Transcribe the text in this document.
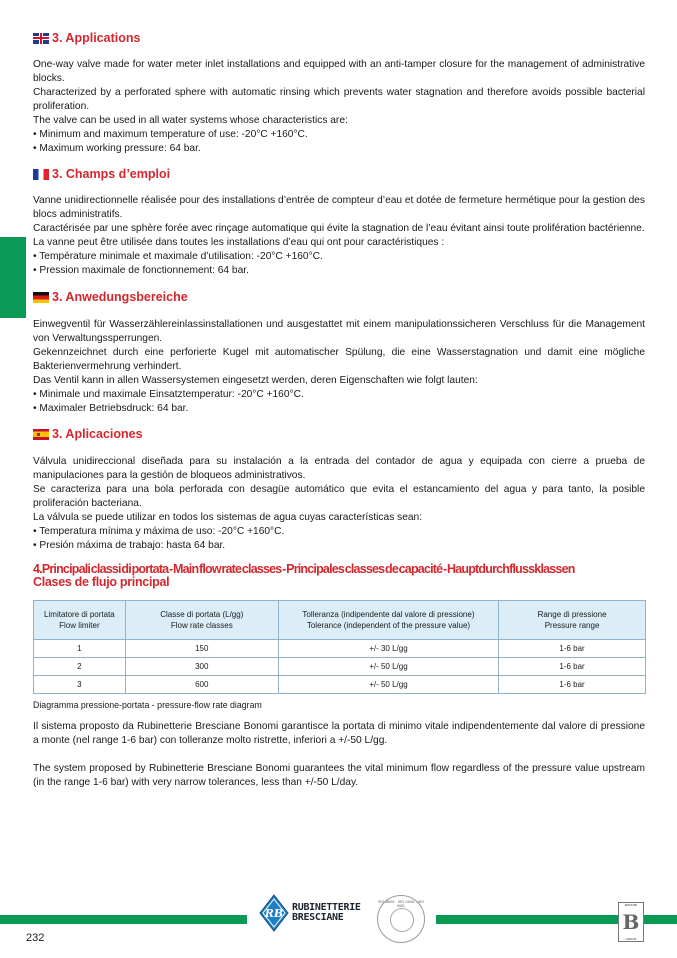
3. Applications

One-way valve made for water meter inlet installations and equipped with an anti-tamper closure for the management of administrative blocks.

Characterized by a perforated sphere with automatic rinsing which prevents water stagnation and therefore avoids possible bacterial proliferation.

The valve can be used in all water systems whose characteristics are:

• Minimum and maximum temperature of use: -20°C +160°C.

• Maximum working pressure: 64 bar.

3. Champs d’emploi

Vanne unidirectionnelle réalisée pour des installations d’entrée de compteur d’eau et dotée de fermeture hermétique pour la gestion des blocs administratifs.

Caractérisée par une sphère forée avec rinçage automatique qui évite la stagnation de l’eau évitant ainsi toute prolifération bactérienne.

La vanne peut être utilisée dans toutes les installations d’eau qui ont pour caractéristiques :

• Température minimale et maximale d’utilisation: -20°C +160°C.

• Pression maximale de fonctionnement: 64 bar.

3. Anwedungsbereiche

Einwegventil für Wasserzählereinlassinstallationen und ausgestattet mit einem manipulationssicheren Verschluss für die Management von Verwaltungssperrungen.

Gekennzeichnet durch eine perforierte Kugel mit automatischer Spülung, die eine Wasserstagnation und damit eine mögliche Bakterienvermehrung verhindert.

Das Ventil kann in allen Wassersystemen eingesetzt werden, deren Eigenschaften wie folgt lauten:

• Minimale und maximale Einsatztemperatur: -20°C +160°C.

• Maximaler Betriebsdruck: 64 bar.

3. Aplicaciones

Válvula unidireccional diseñada para su instalación a la entrada del contador de agua y equipada con cierre a prueba de manipulaciones para la gestión de bloqueos administrativos.

Se caracteriza para una bola perforada con desagüe automático que evita el estancamiento del agua y para tanto, la posible proliferación bacteriana.

La válvula se puede utilizar en todos los sistemas de agua cuyas características sean:

• Temperatura mínima y máxima de uso: -20°C +160°C.

• Presión máxima de trabajo: hasta 64 bar.

4.Principali classi di portata - Main flow rate classes - Principales classes de capacité - Hauptdurchflussklassen
Clases de flujo principal
Limitatore di portata
Flow limiter	Classe di portata (L/gg)
Flow rate classes	Tolleranza (indipendente dal valore di pressione)
Tolerance (independent of the pressure value)	Range di pressione
Pressure range
1	150	+/- 30 L/gg	1-6 bar
2	300	+/- 50 L/gg	1-6 bar
3	600	+/- 50 L/gg	1-6 bar
Diagramma pressione-portata - pressure-flow rate diagram

Il sistema proposto da Rubinetterie Bresciane Bonomi garantisce la portata di minimo vitale indipendentemente dal valore di pressione a monte (nel range 1-6 bar) con tolleranze molto ristrette, inferiori a +/-50 L/gg.

The system proposed by Rubinetterie Bresciane Bonomi guarantees the vital minimum flow regardless of the pressure value upstream (in the range 1-6 bar) with very narrow tolerances, less than +/-50 L/day.

232
RB RUBINETTERIE
BRESCIANE
ISO 45001 · ISO 14001 · ISO 9001	BONOMI
B
GROUP
